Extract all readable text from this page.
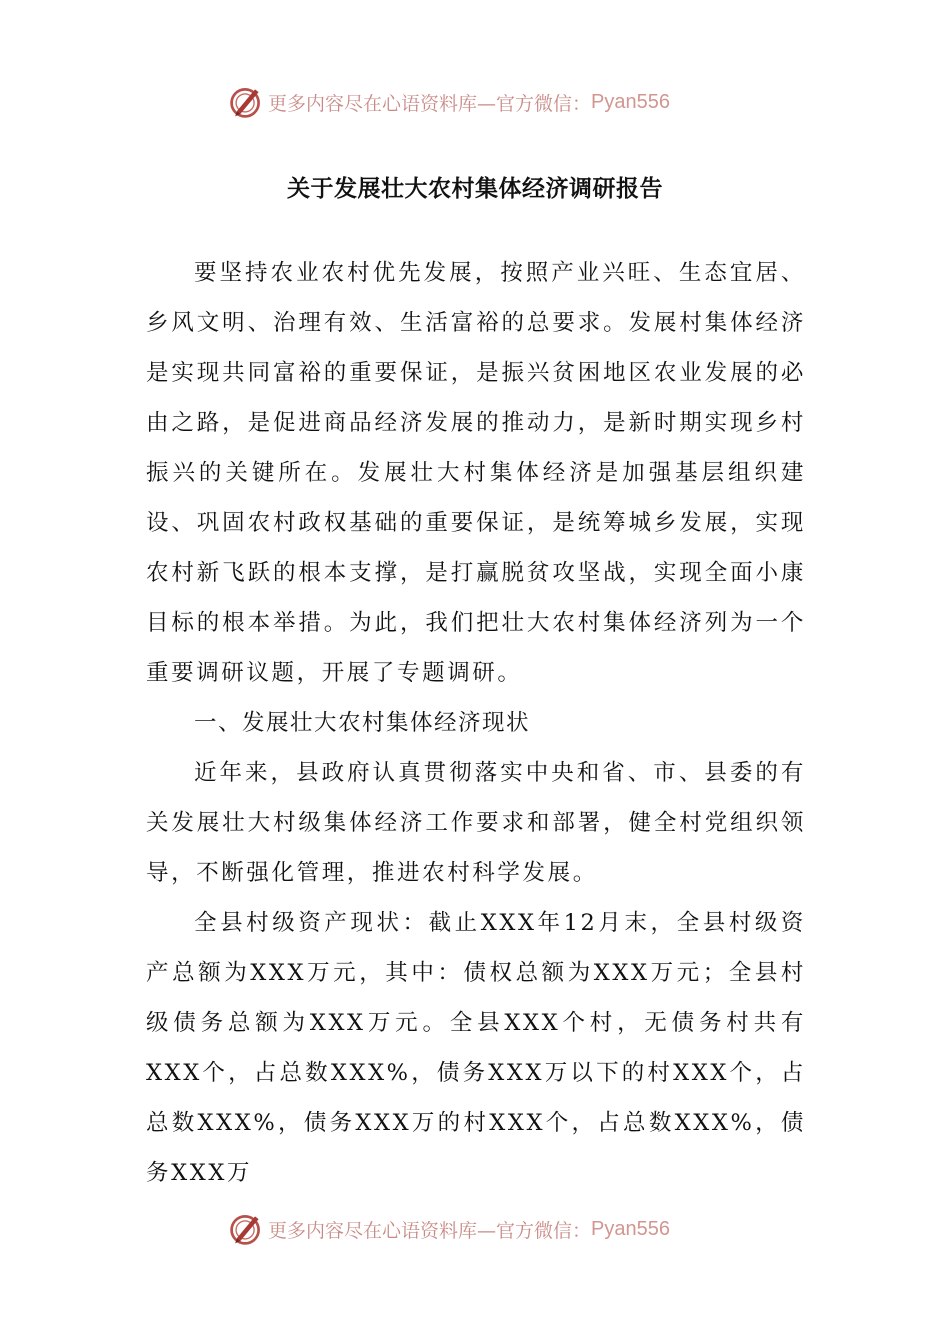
更多内容尽在心语资料库—官方微信： Pyan556
关于发展壮大农村集体经济调研报告

要坚持农业农村优先发展，按照产业兴旺、生态宜居、乡风文明、治理有效、生活富裕的总要求。发展村集体经济是实现共同富裕的重要保证，是振兴贫困地区农业发展的必由之路，是促进商品经济发展的推动力，是新时期实现乡村振兴的关键所在。发展壮大村集体经济是加强基层组织建设、巩固农村政权基础的重要保证，是统筹城乡发展，实现农村新飞跃的根本支撑，是打赢脱贫攻坚战，实现全面小康目标的根本举措。为此，我们把壮大农村集体经济列为一个重要调研议题，开展了专题调研。

一、发展壮大农村集体经济现状

近年来，县政府认真贯彻落实中央和省、市、县委的有关发展壮大村级集体经济工作要求和部署，健全村党组织领导，不断强化管理，推进农村科学发展。

全县村级资产现状：截止XXX年12月末，全县村级资产总额为XXX万元，其中：债权总额为XXX万元；全县村级债务总额为XXX万元。全县XXX个村，无债务村共有XXX个，占总数XXX%，债务XXX万以下的村XXX个，占总数XXX%，债务XXX万的村XXX个，占总数XXX%，债务XXX万

更多内容尽在心语资料库—官方微信： Pyan556
